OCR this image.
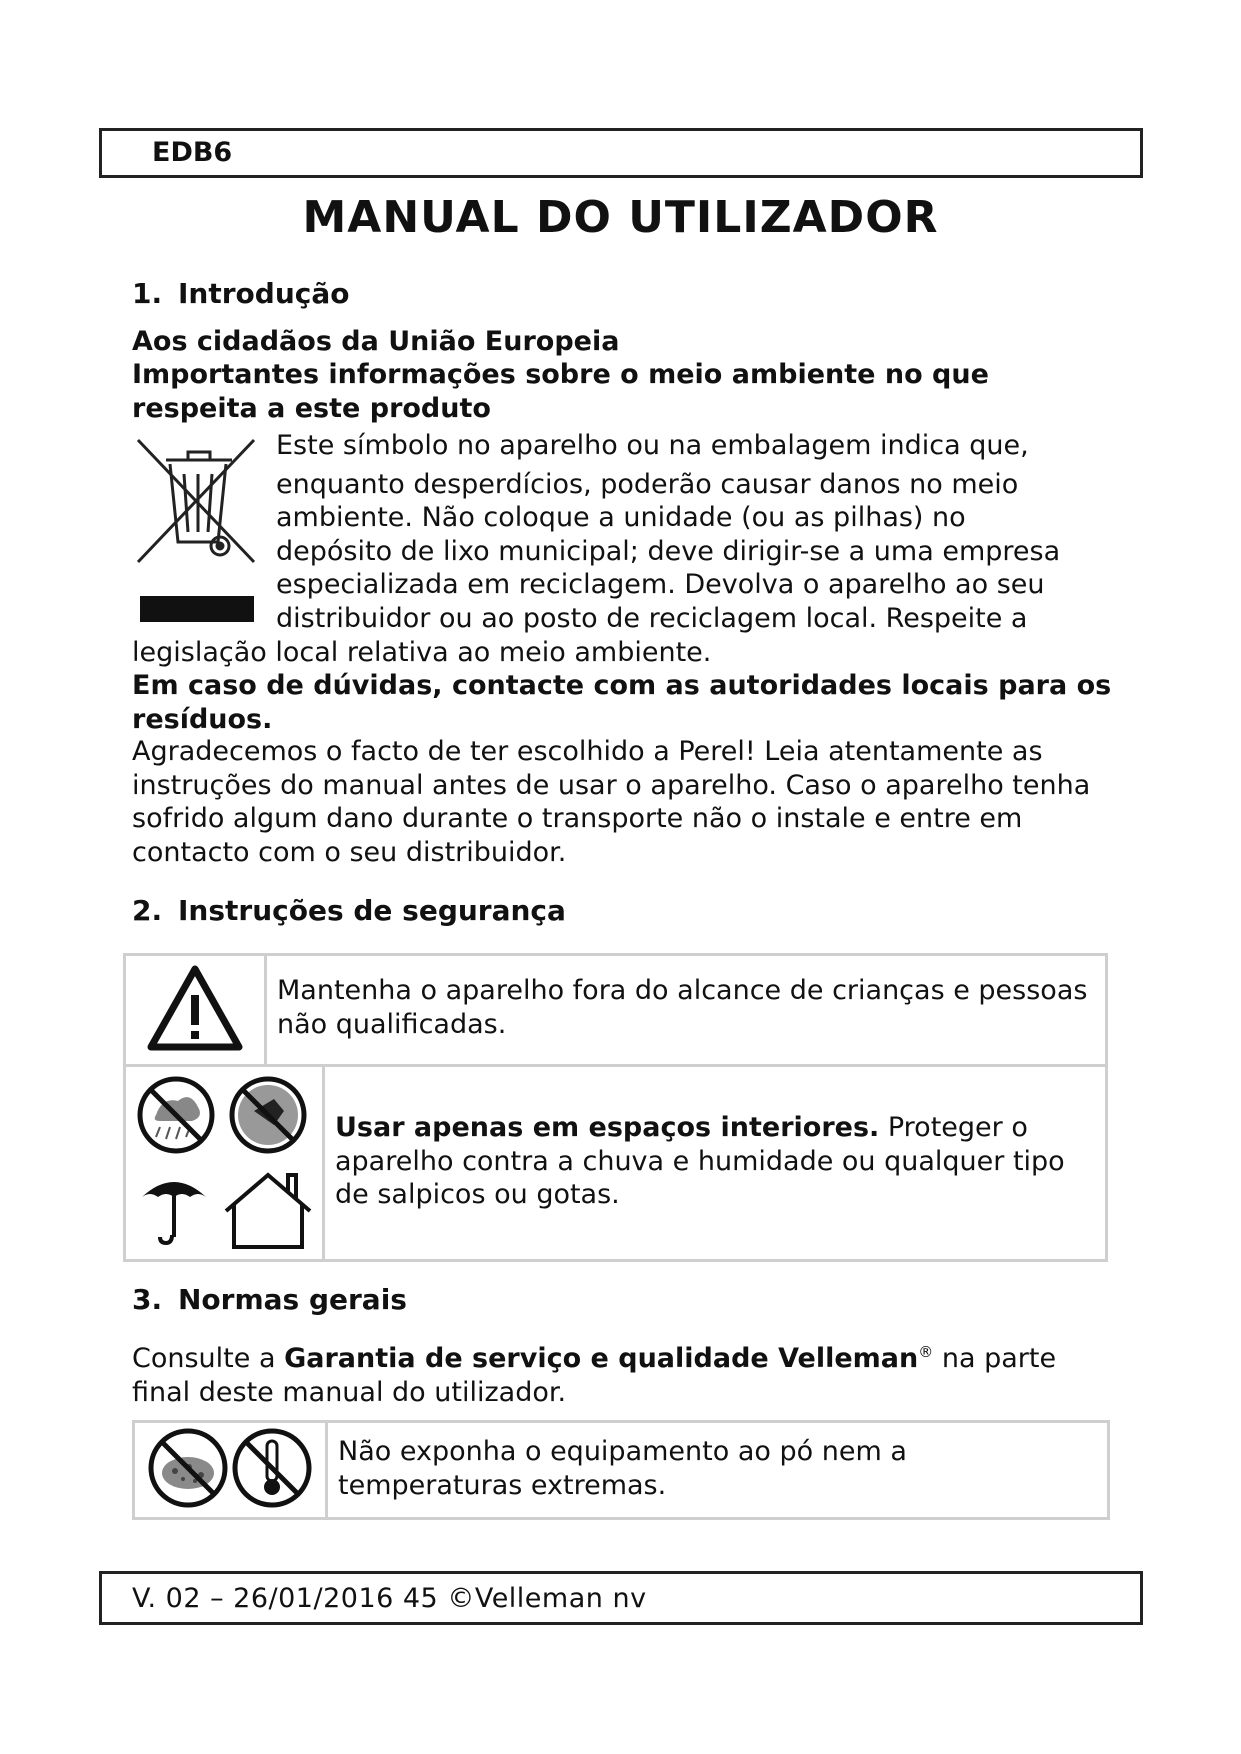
EDB6
MANUAL DO UTILIZADOR
1. Introdução

Aos cidadãos da União Europeia

Importantes informações sobre o meio ambiente no que respeita a este produto

Este símbolo no aparelho ou na embalagem indica que,
enquanto desperdícios, poderão causar danos no meio
ambiente. Não coloque a unidade (ou as pilhas) no
depósito de lixo municipal; deve dirigir-se a uma empresa
especializada em reciclagem. Devolva o aparelho ao seu
distribuidor ou ao posto de reciclagem local. Respeite a

legislação local relativa ao meio ambiente.

Em caso de dúvidas, contacte com as autoridades locais para os resíduos.

Agradecemos o facto de ter escolhido a Perel! Leia atentamente as instruções do manual antes de usar o aparelho. Caso o aparelho tenha sofrido algum dano durante o transporte não o instale e entre em contacto com o seu distribuidor.

2. Instruções de segurança

Mantenha o aparelho fora do alcance de crianças e pessoas não qualificadas.

Usar apenas em espaços interiores. Proteger o aparelho contra a chuva e humidade ou qualquer tipo de salpicos ou gotas.
3. Normas gerais

Consulte a Garantia de serviço e qualidade Velleman® na parte final deste manual do utilizador.

Não exponha o equipamento ao pó nem a temperaturas extremas.
V. 02 – 26/01/2016 45 ©Velleman nv
